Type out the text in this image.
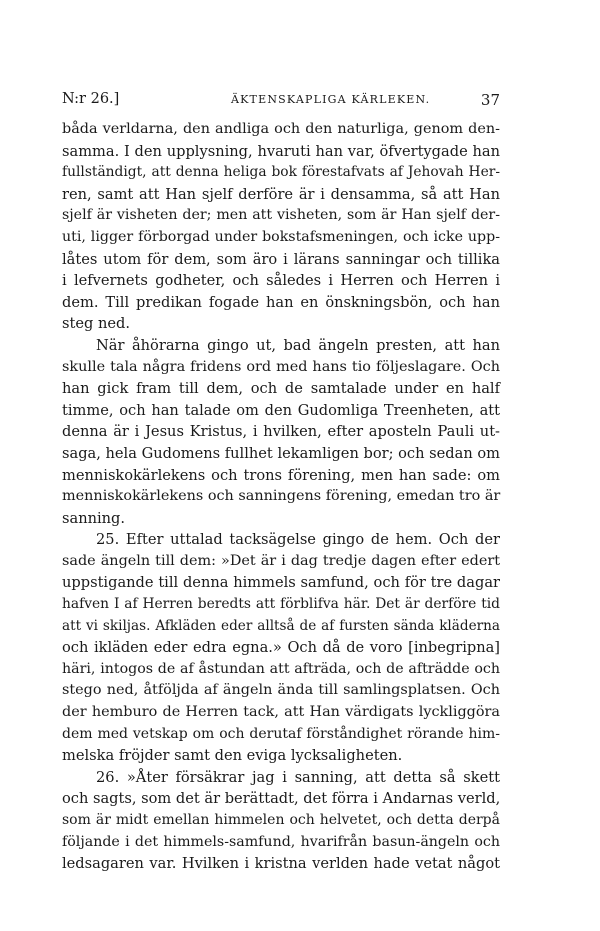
N:r 26.]	ÄKTENSKAPLIGA KÄRLEKEN.	37
båda verldarna, den andliga och den naturliga, genom den-
samma. I den upplysning, hvaruti han var, öfvertygade han
fullständigt, att denna heliga bok förestafvats af Jehovah Her-
ren, samt att Han sjelf derföre är i densamma, så att Han
sjelf är visheten der; men att visheten, som är Han sjelf der-
uti, ligger förborgad under bokstafsmeningen, och icke upp-
låtes utom för dem, som äro i lärans sanningar och tillika
i lefvernets godheter, och således i Herren och Herren i
dem. Till predikan fogade han en önskningsbön, och han
steg ned.
När åhörarna gingo ut, bad ängeln presten, att han
skulle tala några fridens ord med hans tio följeslagare. Och
han gick fram till dem, och de samtalade under en half
timme, och han talade om den Gudomliga Treenheten, att
denna är i Jesus Kristus, i hvilken, efter aposteln Pauli ut-
saga, hela Gudomens fullhet lekamligen bor; och sedan om
menniskokärlekens och trons förening, men han sade: om
menniskokärlekens och sanningens förening, emedan tro är
sanning.
25. Efter uttalad tacksägelse gingo de hem. Och der
sade ängeln till dem: »Det är i dag tredje dagen efter edert
uppstigande till denna himmels samfund, och för tre dagar
hafven I af Herren beredts att förblifva här. Det är derföre tid
att vi skiljas. Afkläden eder alltså de af fursten sända kläderna
och ikläden eder edra egna.» Och då de voro [inbegripna]
häri, intogos de af åstundan att afträda, och de afträdde och
stego ned, åtföljda af ängeln ända till samlingsplatsen. Och
der hemburo de Herren tack, att Han värdigats lyckliggöra
dem med vetskap om och derutaf förståndighet rörande him-
melska fröjder samt den eviga lycksaligheten.
26. »Åter försäkrar jag i sanning, att detta så skett
och sagts, som det är berättadt, det förra i Andarnas verld,
som är midt emellan himmelen och helvetet, och detta derpå
följande i det himmels-samfund, hvarifrån basun-ängeln och
ledsagaren var. Hvilken i kristna verlden hade vetat något
